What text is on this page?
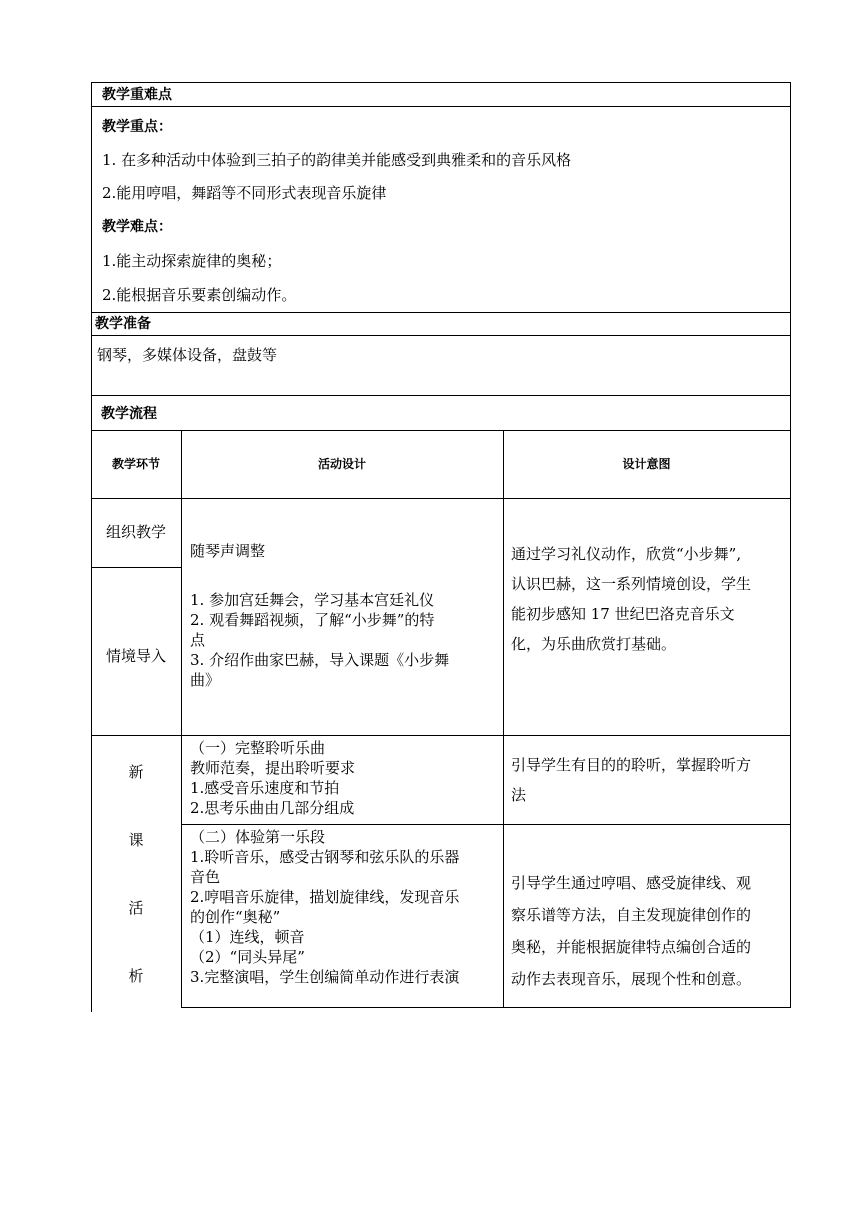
教学重难点
教学重点：
1. 在多种活动中体验到三拍子的韵律美并能感受到典雅柔和的音乐风格
2.能用哼唱，舞蹈等不同形式表现音乐旋律
教学难点：
1.能主动探索旋律的奥秘；
2.能根据音乐要素创编动作。
教学准备
钢琴，多媒体设备，盘鼓等
教学流程
教学环节	活动设计	设计意图
组织教学
情境导入
随琴声调整
1. 参加宫廷舞会，学习基本宫廷礼仪
2. 观看舞蹈视频，了解“小步舞”的特
点
3. 介绍作曲家巴赫，导入课题《小步舞
曲》
通过学习礼仪动作，欣赏“小步舞”,
认识巴赫，这一系列情境创设，学生
能初步感知 17 世纪巴洛克音乐文
化，为乐曲欣赏打基础。
新
课
活
析
（一）完整聆听乐曲
教师范奏，提出聆听要求
1.感受音乐速度和节拍
2.思考乐曲由几部分组成
引导学生有目的的聆听，掌握聆听方
法
（二）体验第一乐段
1.聆听音乐，感受古钢琴和弦乐队的乐器
音色
2.哼唱音乐旋律，描划旋律线，发现音乐
的创作“奥秘”
（1）连线，顿音
（2）“同头异尾”
3.完整演唱，学生创编简单动作进行表演
引导学生通过哼唱、感受旋律线、观
察乐谱等方法，自主发现旋律创作的
奥秘，并能根据旋律特点编创合适的
动作去表现音乐，展现个性和创意。
